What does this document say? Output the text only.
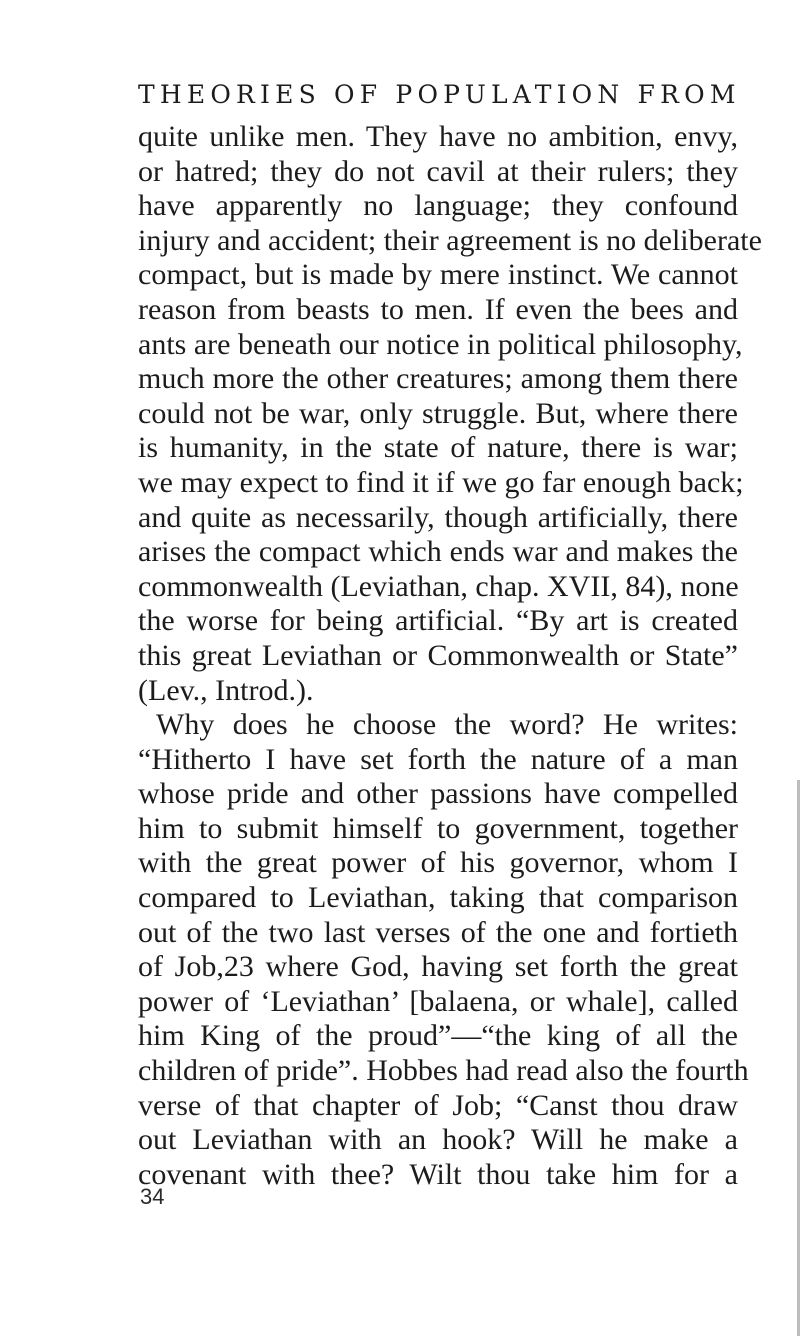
THEORIES OF POPULATION FROM
quite unlike men. They have no ambition, envy,
or hatred; they do not cavil at their rulers; they
have apparently no language; they confound
injury and accident; their agreement is no deliberate
compact, but is made by mere instinct. We cannot
reason from beasts to men. If even the bees and
ants are beneath our notice in political philosophy,
much more the other creatures; among them there
could not be war, only struggle. But, where there
is humanity, in the state of nature, there is war;
we may expect to find it if we go far enough back;
and quite as necessarily, though artificially, there
arises the compact which ends war and makes the
commonwealth (Leviathan, chap. XVII, 84), none
the worse for being artificial. “By art is created
this great Leviathan or Commonwealth or State”
(Lev., Introd.).
Why does he choose the word? He writes:
“Hitherto I have set forth the nature of a man
whose pride and other passions have compelled
him to submit himself to government, together
with the great power of his governor, whom I
compared to Leviathan, taking that comparison
out of the two last verses of the one and fortieth
of Job,23 where God, having set forth the great
power of ‘Leviathan’ [balaena, or whale], called
him King of the proud”—“the king of all the
children of pride”. Hobbes had read also the fourth
verse of that chapter of Job; “Canst thou draw
out Leviathan with an hook? Will he make a
covenant with thee? Wilt thou take him for a
34
